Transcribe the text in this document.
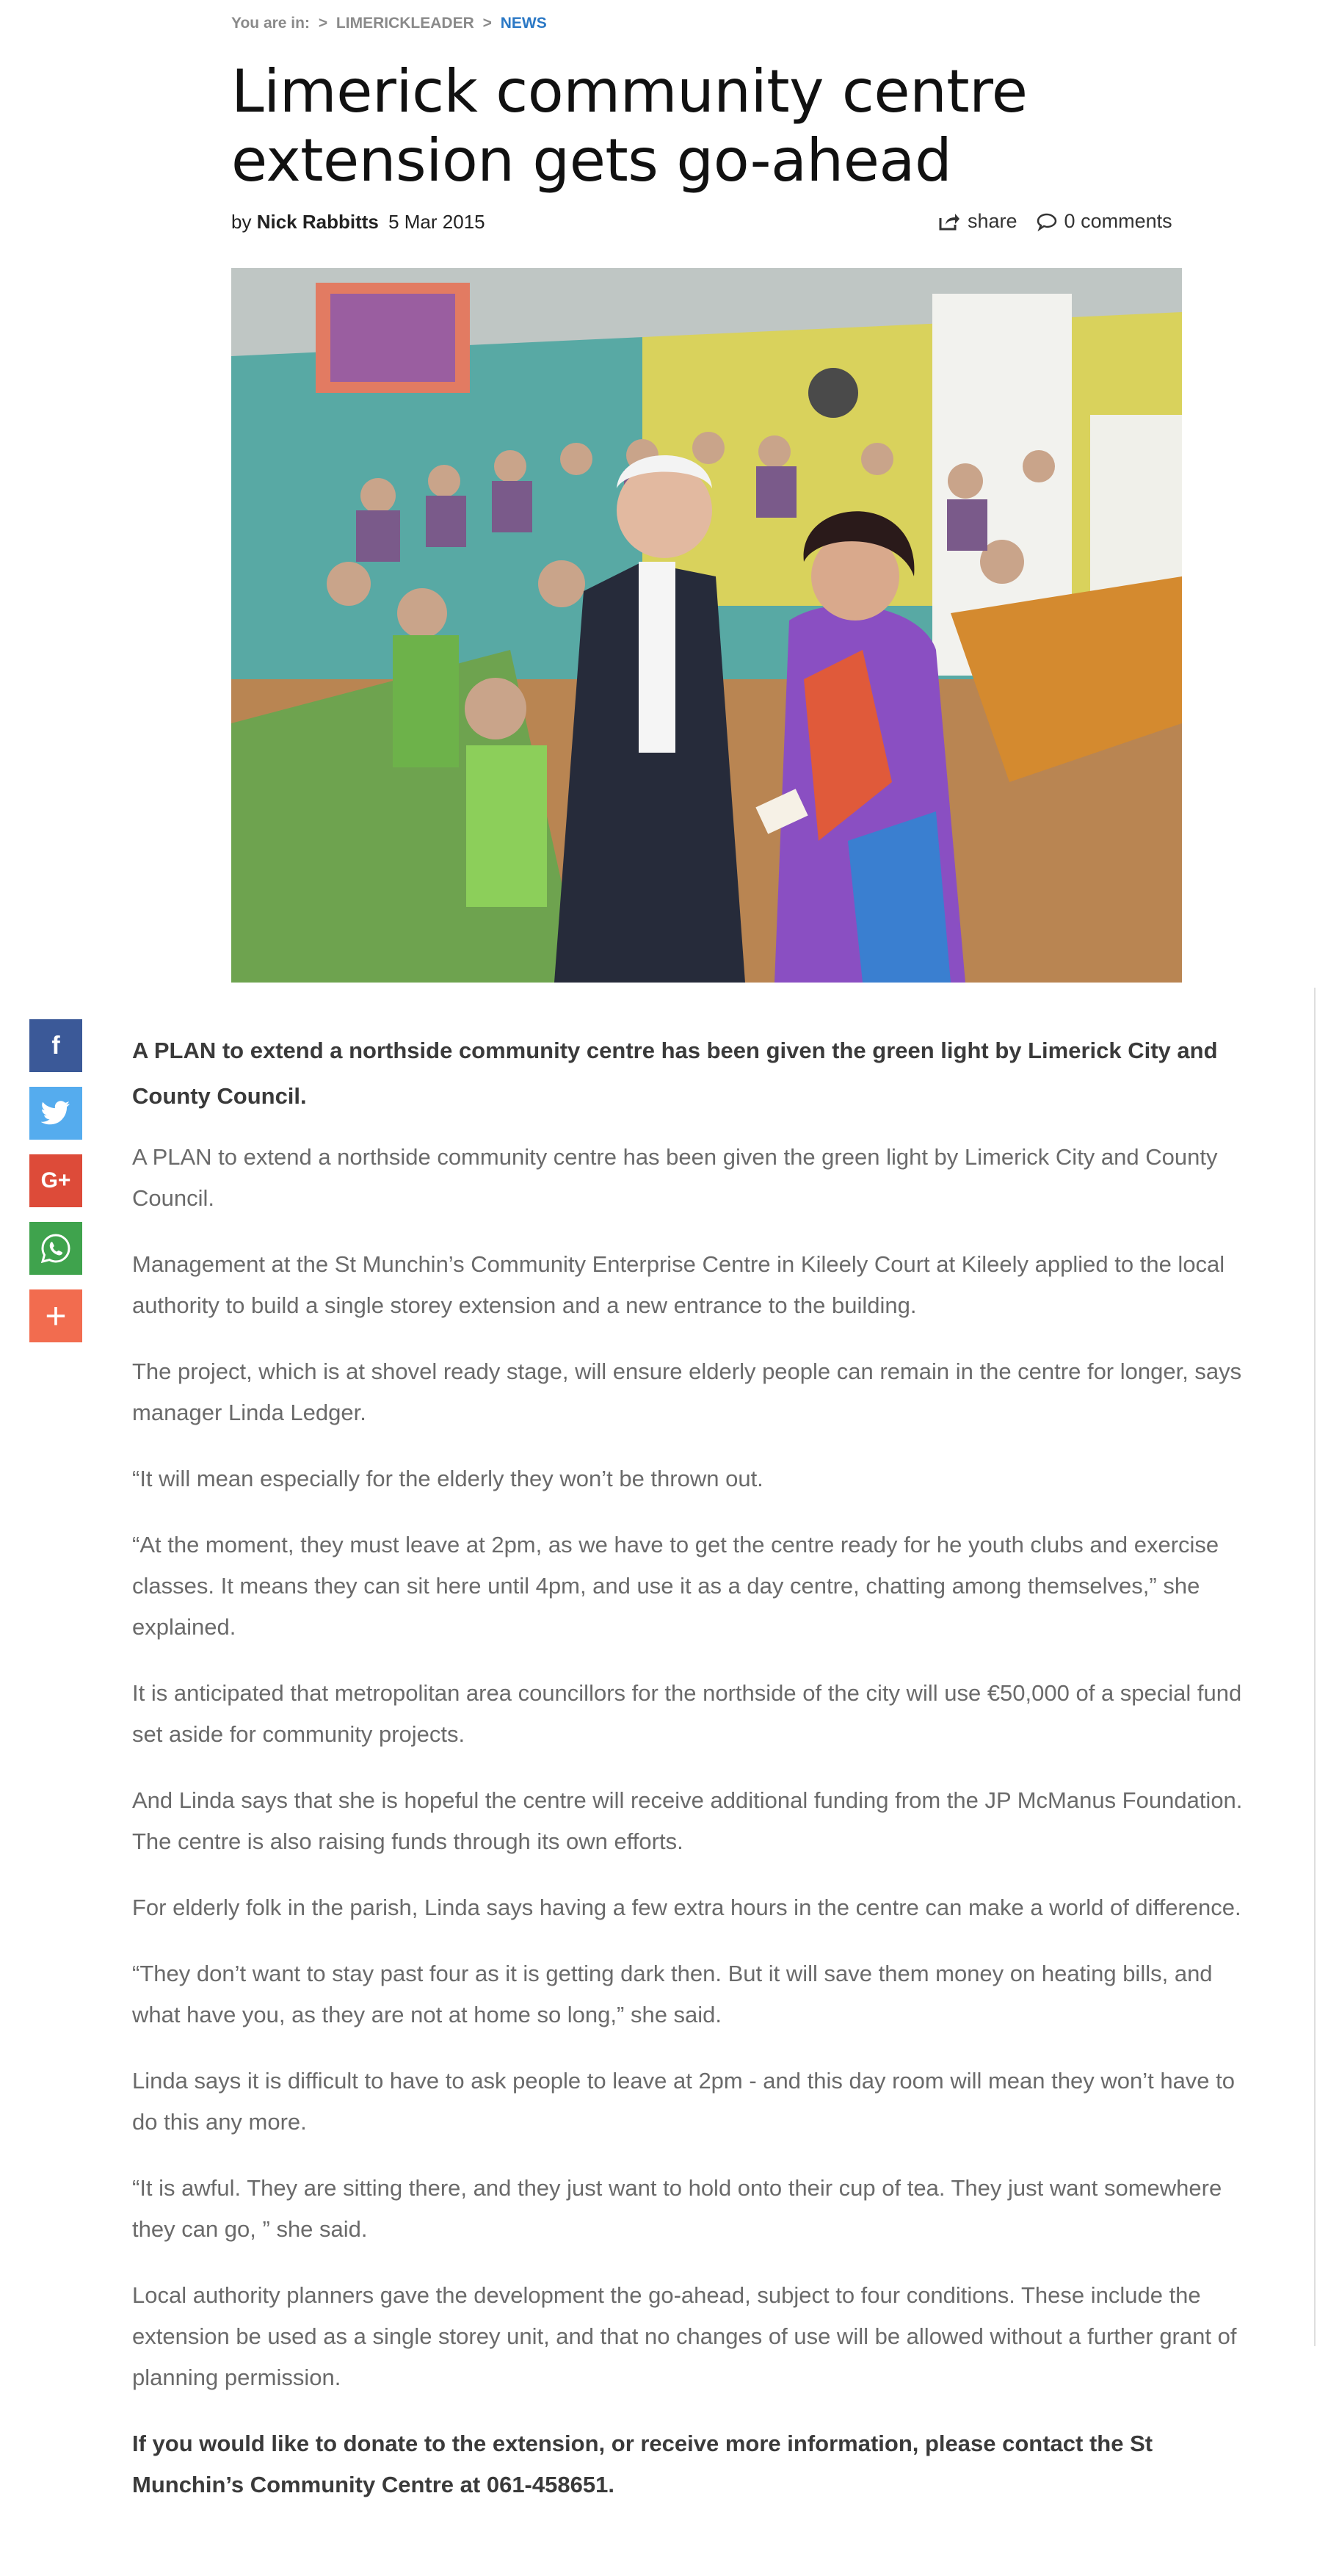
You are in: > LIMERICKLEADER > NEWS
Limerick community centre extension gets go-ahead
by Nick Rabbitts 5 Mar 2015	share 0 comments
f
G+
+

A PLAN to extend a northside community centre has been given the green light by Limerick City and County Council.

A PLAN to extend a northside community centre has been given the green light by Limerick City and County Council.

Management at the St Munchin’s Community Enterprise Centre in Kileely Court at Kileely applied to the local authority to build a single storey extension and a new entrance to the building.

The project, which is at shovel ready stage, will ensure elderly people can remain in the centre for longer, says manager Linda Ledger.

“It will mean especially for the elderly they won’t be thrown out.

“At the moment, they must leave at 2pm, as we have to get the centre ready for he youth clubs and exercise classes. It means they can sit here until 4pm, and use it as a day centre, chatting among themselves,” she explained.

It is anticipated that metropolitan area councillors for the northside of the city will use €50,000 of a special fund set aside for community projects.

And Linda says that she is hopeful the centre will receive additional funding from the JP McManus Foundation. The centre is also raising funds through its own efforts.

For elderly folk in the parish, Linda says having a few extra hours in the centre can make a world of difference.

“They don’t want to stay past four as it is getting dark then. But it will save them money on heating bills, and what have you, as they are not at home so long,” she said.

Linda says it is difficult to have to ask people to leave at 2pm - and this day room will mean they won’t have to do this any more.

“It is awful. They are sitting there, and they just want to hold onto their cup of tea. They just want somewhere they can go, ” she said.

Local authority planners gave the development the go-ahead, subject to four conditions. These include the extension be used as a single storey unit, and that no changes of use will be allowed without a further grant of planning permission.

If you would like to donate to the extension, or receive more information, please contact the St Munchin’s Community Centre at 061-458651.
